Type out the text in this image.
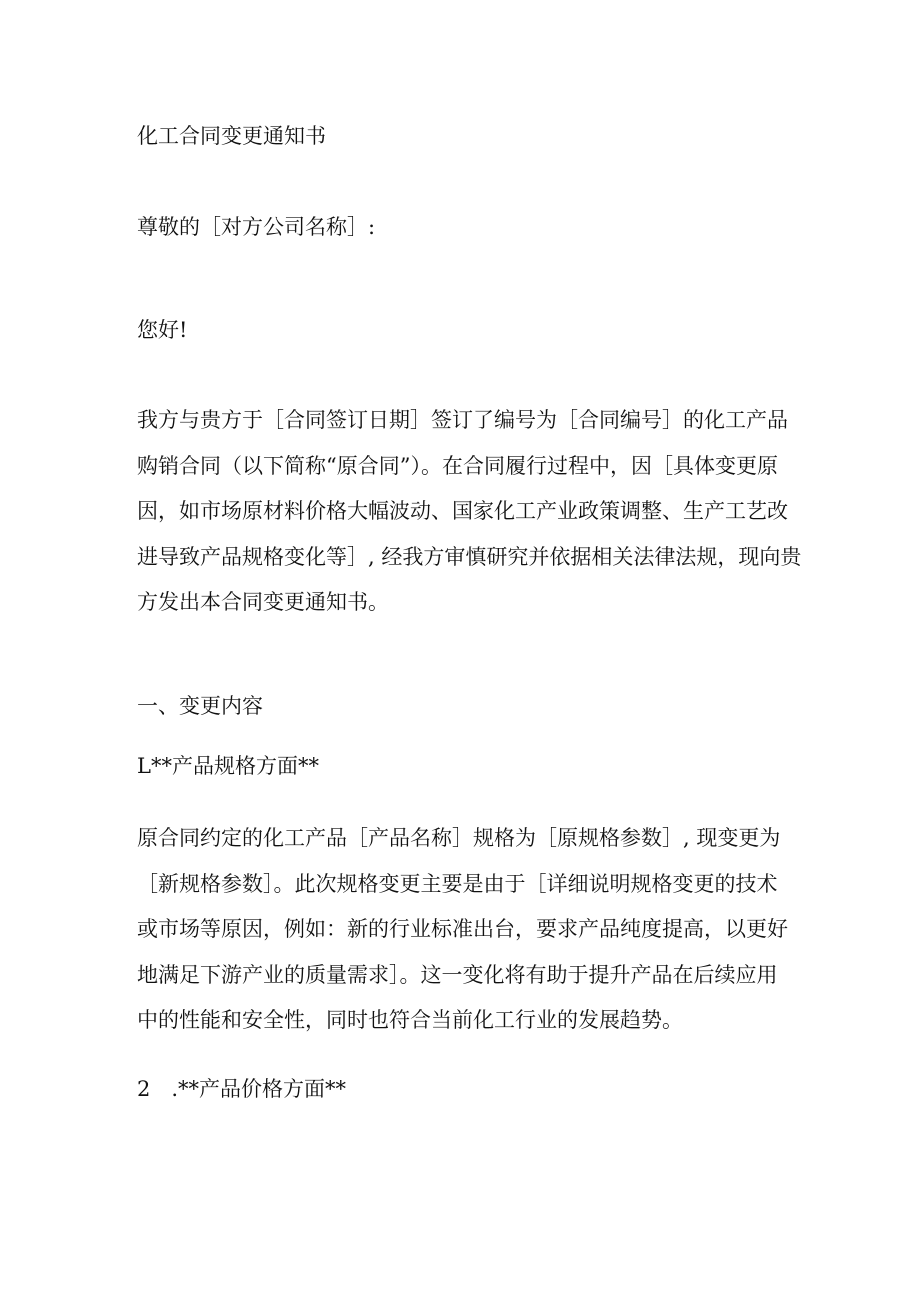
化工合同变更通知书
尊敬的［对方公司名称］:
您好!
我方与贵方于［合同签订日期］签订了编号为［合同编号］的化工产品
购销合同（以下简称“原合同”）。在合同履行过程中，因［具体变更原
因，如市场原材料价格大幅波动、国家化工产业政策调整、生产工艺改
进导致产品规格变化等］, 经我方审慎研究并依据相关法律法规，现向贵
方发出本合同变更通知书。
一、变更内容
L**产品规格方面**
原合同约定的化工产品［产品名称］规格为［原规格参数］, 现变更为
［新规格参数］。此次规格变更主要是由于［详细说明规格变更的技术
或市场等原因，例如：新的行业标准出台，要求产品纯度提高，以更好
地满足下游产业的质量需求］。这一变化将有助于提升产品在后续应用
中的性能和安全性，同时也符合当前化工行业的发展趋势。
2　.**产品价格方面**
